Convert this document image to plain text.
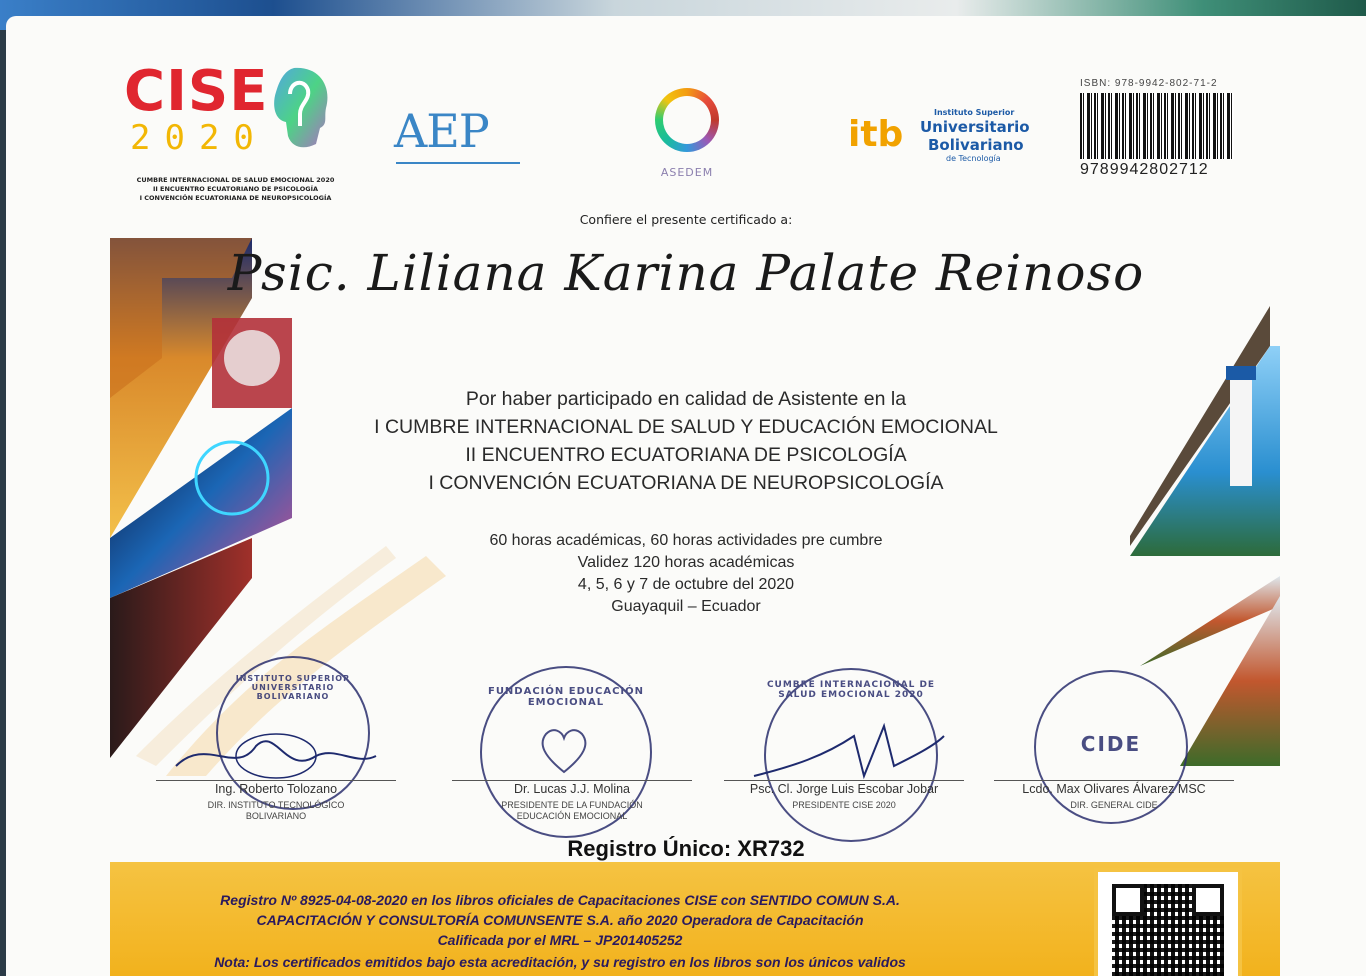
CISE
2020
CUMBRE INTERNACIONAL DE SALUD EMOCIONAL 2020
II ENCUENTRO ECUATORIANO DE PSICOLOGÍA
I CONVENCIÓN ECUATORIANA DE NEUROPSICOLOGÍA
AEP
ASEDEM
itb
Instituto Superior
Universitario
Bolivariano
de Tecnología
ISBN: 978-9942-802-71-2
9789942802712
Confiere el presente certificado a:
Psic. Liliana Karina Palate Reinoso
Por haber participado en calidad de Asistente en la
I CUMBRE INTERNACIONAL DE SALUD Y EDUCACIÓN EMOCIONAL
II ENCUENTRO ECUATORIANA DE PSICOLOGÍA
I CONVENCIÓN ECUATORIANA DE NEUROPSICOLOGÍA
60 horas académicas, 60 horas actividades pre cumbre
Validez 120 horas académicas
4, 5, 6 y 7 de octubre del 2020
Guayaquil – Ecuador
INSTITUTO SUPERIOR UNIVERSITARIO BOLIVARIANO
Ing. Roberto Tolozano
DIR. INSTITUTO TECNOLÓGICO
BOLIVARIANO
FUNDACIÓN EDUCACIÓN EMOCIONAL
Dr. Lucas J.J. Molina
PRESIDENTE DE LA FUNDACIÓN
EDUCACIÓN EMOCIONAL
CUMBRE INTERNACIONAL DE SALUD EMOCIONAL 2020
Psc. Cl. Jorge Luis Escobar Jobar
PRESIDENTE CISE 2020
CIDE
Lcdo. Max Olivares Álvarez MSC
DIR. GENERAL CIDE
Registro Único: XR732
Registro Nº 8925-04-08-2020 en los libros oficiales de Capacitaciones CISE con SENTIDO COMUN S.A.
CAPACITACIÓN Y CONSULTORÍA COMUNSENTE S.A. año 2020 Operadora de Capacitación
Calificada por el MRL – JP201405252
Nota: Los certificados emitidos bajo esta acreditación, y su registro en los libros son los únicos validos
